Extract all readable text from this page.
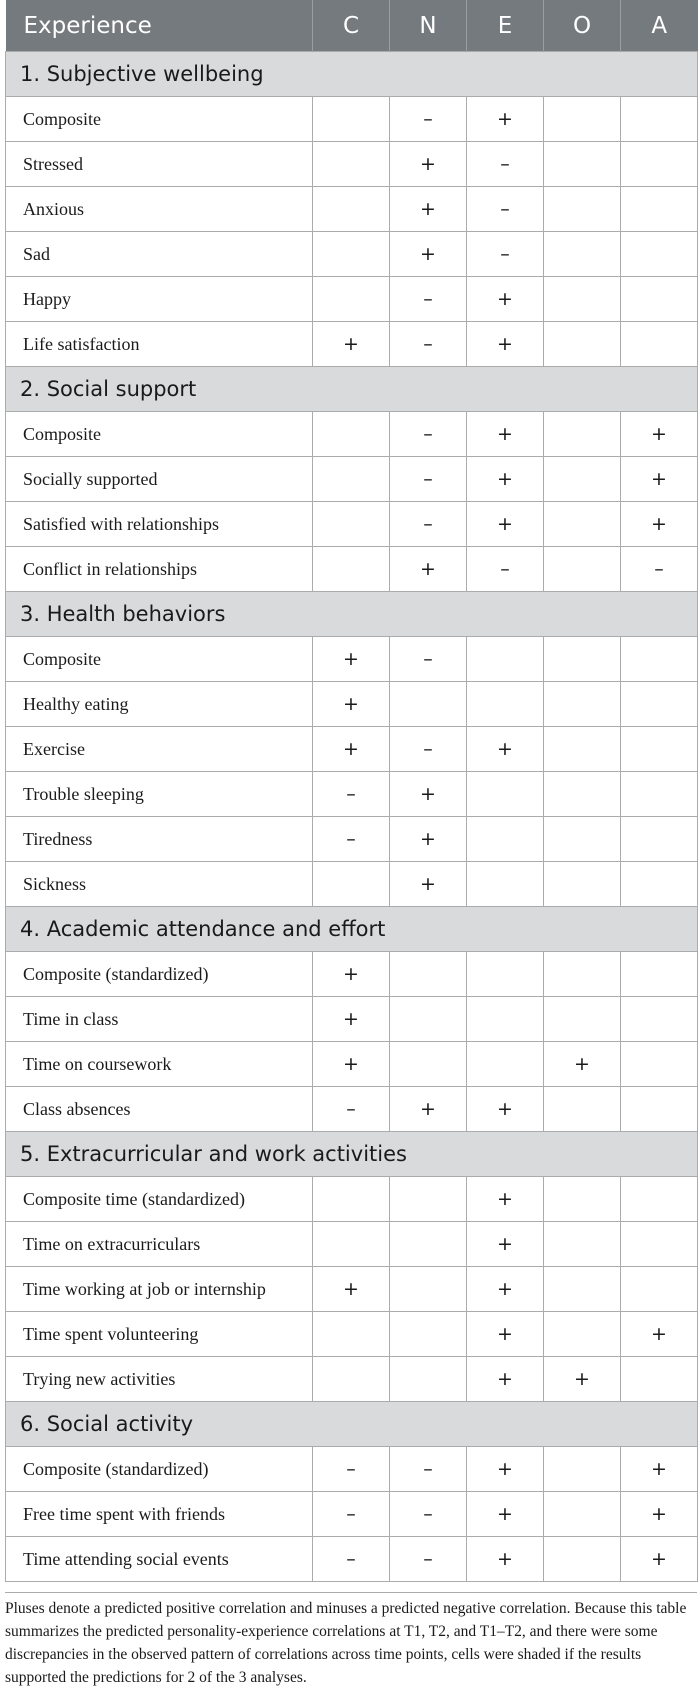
Experience	C	N	E	O	A
1. Subjective wellbeing					
Composite		–	+		
Stressed		+	–		
Anxious		+	–		
Sad		+	–		
Happy		–	+		
Life satisfaction	+	–	+		
2. Social support					
Composite		–	+		+
Socially supported		–	+		+
Satisfied with relationships		–	+		+
Conflict in relationships		+	–		–
3. Health behaviors					
Composite	+	–			
Healthy eating	+				
Exercise	+	–	+		
Trouble sleeping	–	+			
Tiredness	–	+			
Sickness		+			
4. Academic attendance and effort					
Composite (standardized)	+				
Time in class	+				
Time on coursework	+			+	
Class absences	–	+	+		
5. Extracurricular and work activities					
Composite time (standardized)			+		
Time on extracurriculars			+		
Time working at job or internship	+		+		
Time spent volunteering			+		+
Trying new activities			+	+	
6. Social activity					
Composite (standardized)	–	–	+		+
Free time spent with friends	–	–	+		+
Time attending social events	–	–	+		+
Pluses denote a predicted positive correlation and minuses a predicted negative correlation. Because this table summarizes the predicted personality-experience correlations at T1, T2, and T1–T2, and there were some discrepancies in the observed pattern of correlations across time points, cells were shaded if the results supported the predictions for 2 of the 3 analyses.
